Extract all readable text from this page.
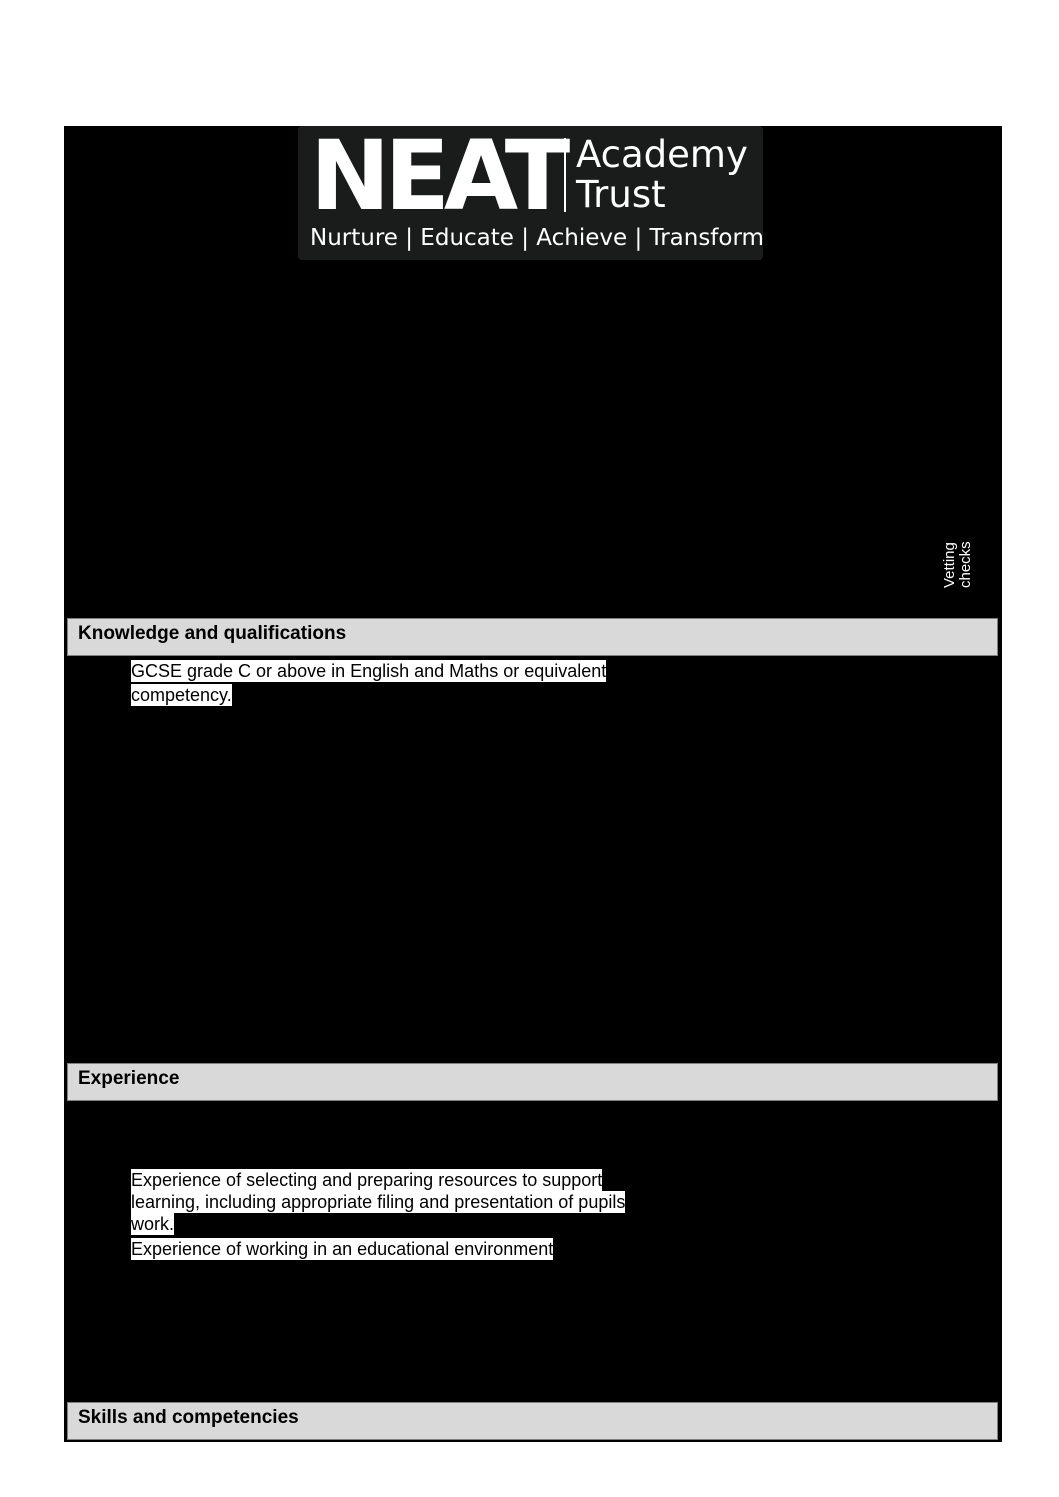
NEAT Academy
Trust
Nurture | Educate | Achieve | Transform
Vetting checks
Knowledge and qualifications
GCSE grade C or above in English and Maths or equivalent
competency.
Experience
Experience of selecting and preparing resources to support
learning, including appropriate filing and presentation of pupils
work.
Experience of working in an educational environment
Skills and competencies
